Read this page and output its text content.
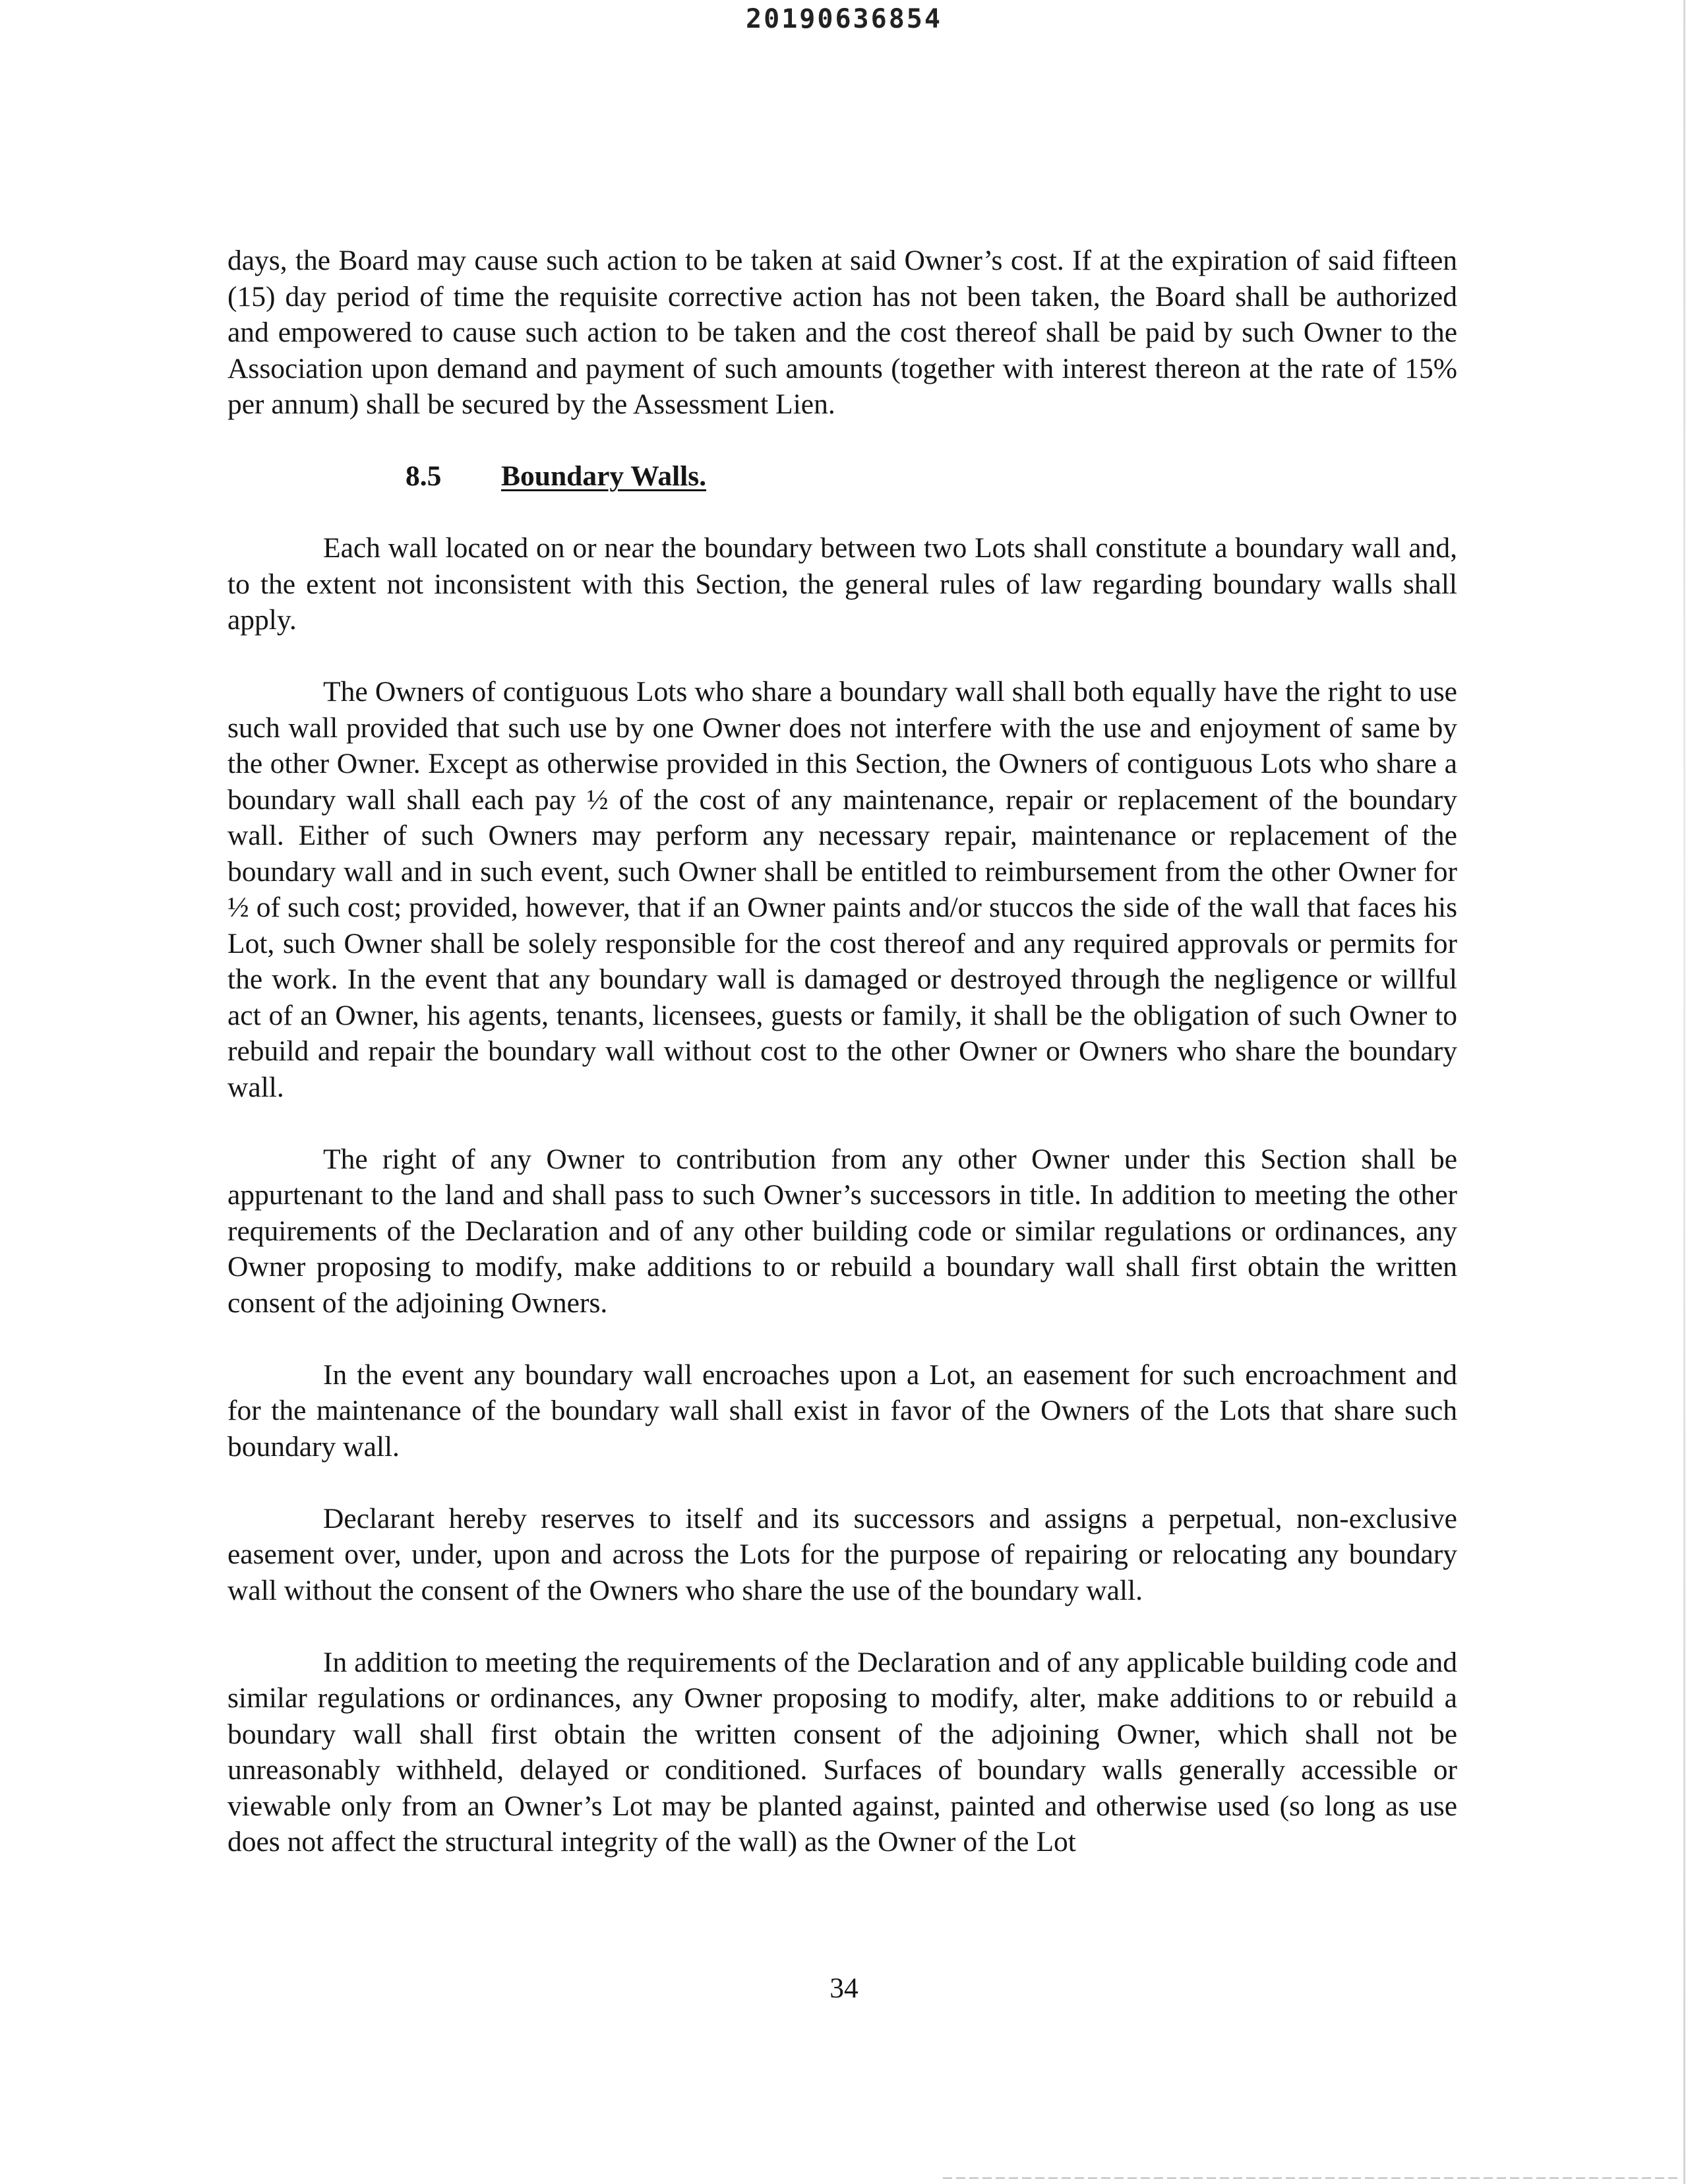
20190636854

days, the Board may cause such action to be taken at said Owner’s cost. If at the expiration of said fifteen (15) day period of time the requisite corrective action has not been taken, the Board shall be authorized and empowered to cause such action to be taken and the cost thereof shall be paid by such Owner to the Association upon demand and payment of such amounts (together with interest thereon at the rate of 15% per annum) shall be secured by the Assessment Lien.

8.5 Boundary Walls.

Each wall located on or near the boundary between two Lots shall constitute a boundary wall and, to the extent not inconsistent with this Section, the general rules of law regarding boundary walls shall apply.

The Owners of contiguous Lots who share a boundary wall shall both equally have the right to use such wall provided that such use by one Owner does not interfere with the use and enjoyment of same by the other Owner. Except as otherwise provided in this Section, the Owners of contiguous Lots who share a boundary wall shall each pay ½ of the cost of any maintenance, repair or replacement of the boundary wall. Either of such Owners may perform any necessary repair, maintenance or replacement of the boundary wall and in such event, such Owner shall be entitled to reimbursement from the other Owner for ½ of such cost; provided, however, that if an Owner paints and/or stuccos the side of the wall that faces his Lot, such Owner shall be solely responsible for the cost thereof and any required approvals or permits for the work. In the event that any boundary wall is damaged or destroyed through the negligence or willful act of an Owner, his agents, tenants, licensees, guests or family, it shall be the obligation of such Owner to rebuild and repair the boundary wall without cost to the other Owner or Owners who share the boundary wall.

The right of any Owner to contribution from any other Owner under this Section shall be appurtenant to the land and shall pass to such Owner’s successors in title. In addition to meeting the other requirements of the Declaration and of any other building code or similar regulations or ordinances, any Owner proposing to modify, make additions to or rebuild a boundary wall shall first obtain the written consent of the adjoining Owners.

In the event any boundary wall encroaches upon a Lot, an easement for such encroachment and for the maintenance of the boundary wall shall exist in favor of the Owners of the Lots that share such boundary wall.

Declarant hereby reserves to itself and its successors and assigns a perpetual, non-exclusive easement over, under, upon and across the Lots for the purpose of repairing or relocating any boundary wall without the consent of the Owners who share the use of the boundary wall.

In addition to meeting the requirements of the Declaration and of any applicable building code and similar regulations or ordinances, any Owner proposing to modify, alter, make additions to or rebuild a boundary wall shall first obtain the written consent of the adjoining Owner, which shall not be unreasonably withheld, delayed or conditioned. Surfaces of boundary walls generally accessible or viewable only from an Owner’s Lot may be planted against, painted and otherwise used (so long as use does not affect the structural integrity of the wall) as the Owner of the Lot

34
